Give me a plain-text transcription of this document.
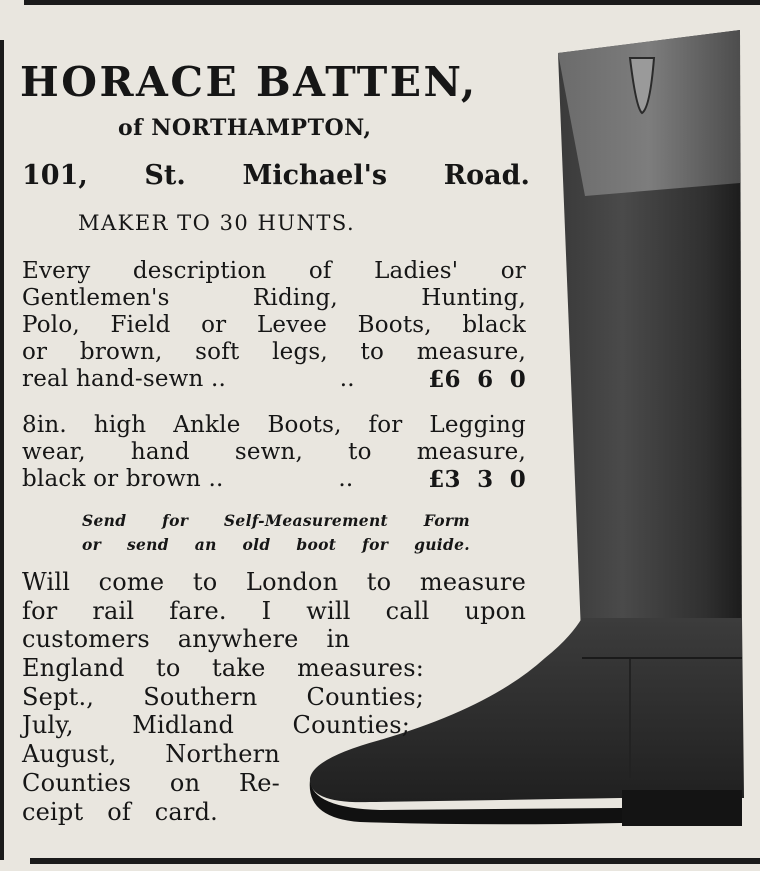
HORACE BATTEN,
of NORTHAMPTON,
101, St. Michael's Road.
MAKER TO 30 HUNTS.
Every description of Ladies' or
Gentlemen's Riding, Hunting,
Polo, Field or Levee Boots, black
or brown, soft legs, to measure,
real hand-sewn ..	..	£6  6  0
8in. high Ankle Boots, for Legging
wear, hand sewn, to measure,
black or brown ..	..	£3  3  0
Send for Self-Measurement Form
or send an old boot for guide.
Will come to London to measure
for rail fare. I will call upon
customers anywhere in
England to take measures:
Sept., Southern Counties;
July, Midland Counties;
August, Northern
Counties on Re-
ceipt of card.
